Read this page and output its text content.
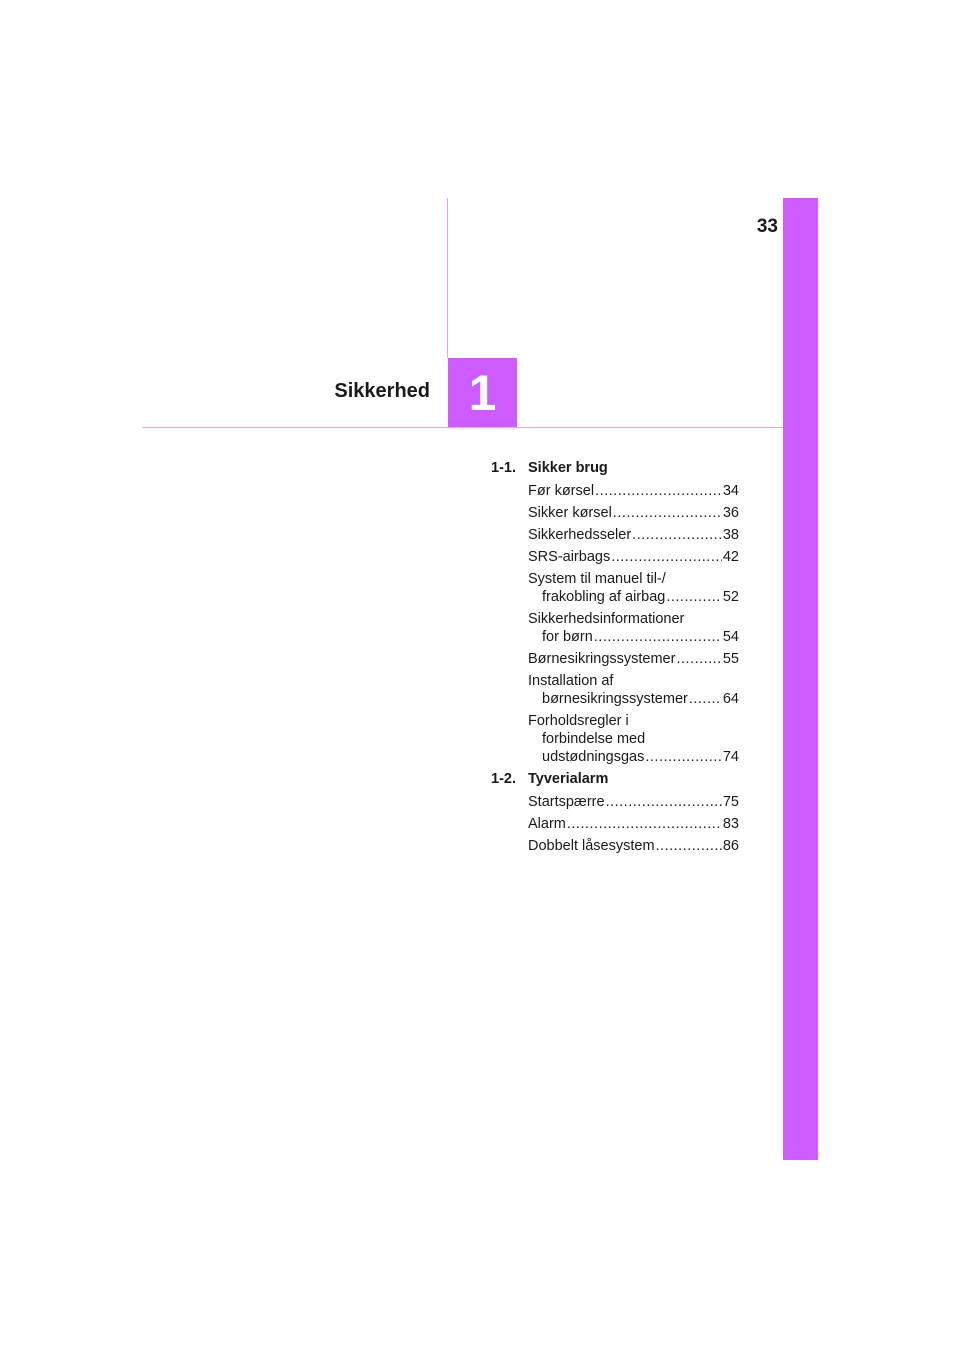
33
Sikkerhed 1
1-1. Sikker brug
Før kørsel .....	34
Sikker kørsel .....	36
Sikkerhedsseler .....	38
SRS-airbags .....	42
System til manuel til-/
frakobling af airbag .....	52
Sikkerhedsinformationer
for børn .....	54
Børnesikringssystemer .....	55
Installation af
børnesikringssystemer ..... 64
Forholdsregler i
forbindelse med
udstødningsgas .....	74
1-2. Tyverialarm
Startspærre .....	75
Alarm .....	83
Dobbelt låsesystem .....	86
